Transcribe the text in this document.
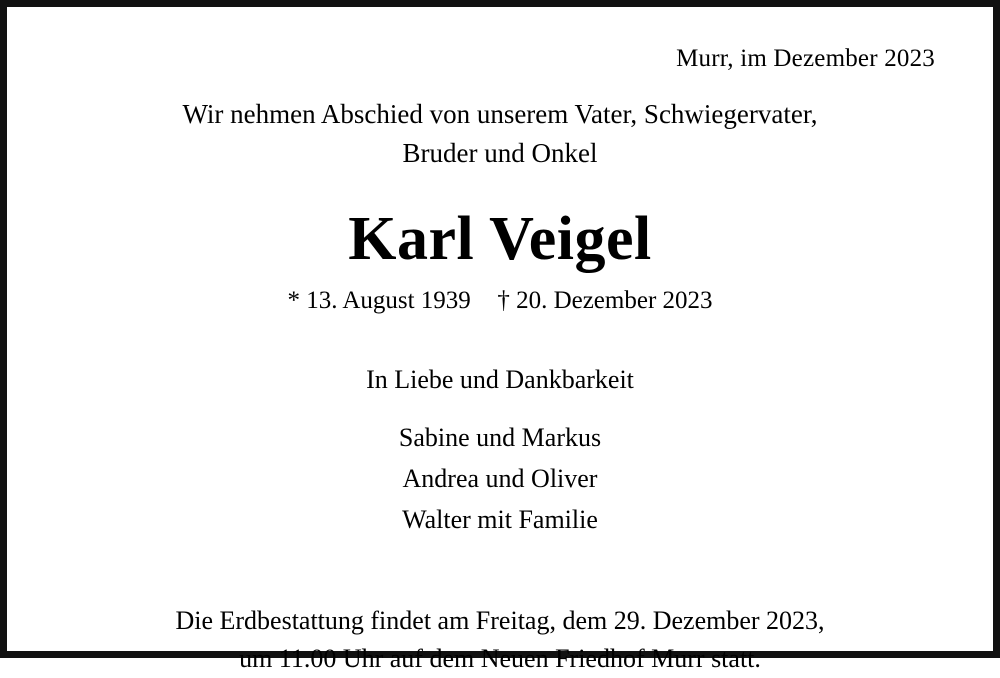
Murr, im Dezember 2023
Wir nehmen Abschied von unserem Vater, Schwiegervater,
Bruder und Onkel
Karl Veigel
* 13. August 1939 † 20. Dezember 2023
In Liebe und Dankbarkeit
Sabine und Markus
Andrea und Oliver
Walter mit Familie
Die Erdbestattung findet am Freitag, dem 29. Dezember 2023,
um 11.00 Uhr auf dem Neuen Friedhof Murr statt.
